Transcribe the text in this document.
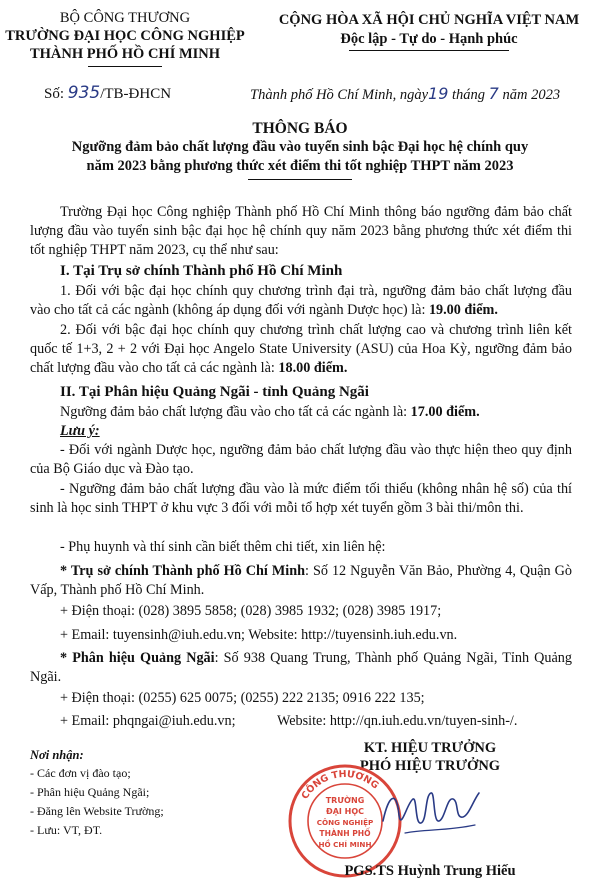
BỘ CÔNG THƯƠNG
TRƯỜNG ĐẠI HỌC CÔNG NGHIỆP
THÀNH PHỐ HỒ CHÍ MINH
CỘNG HÒA XÃ HỘI CHỦ NGHĨA VIỆT NAM
Độc lập - Tự do - Hạnh phúc
Số: 935/TB-ĐHCN	Thành phố Hồ Chí Minh, ngày19 tháng 7 năm 2023
THÔNG BÁO
Ngưỡng đảm bảo chất lượng đầu vào tuyển sinh bậc Đại học hệ chính quy
năm 2023 bằng phương thức xét điểm thi tốt nghiệp THPT năm 2023
Trường Đại học Công nghiệp Thành phố Hồ Chí Minh thông báo ngưỡng đảm bảo chất lượng đầu vào tuyển sinh bậc đại học hệ chính quy năm 2023 bằng phương thức xét điểm thi tốt nghiệp THPT năm 2023, cụ thể như sau:
I. Tại Trụ sở chính Thành phố Hồ Chí Minh
1. Đối với bậc đại học chính quy chương trình đại trà, ngưỡng đảm bảo chất lượng đầu vào cho tất cả các ngành (không áp dụng đối với ngành Dược học) là: 19.00 điểm.
2. Đối với bậc đại học chính quy chương trình chất lượng cao và chương trình liên kết quốc tế 1+3, 2 + 2 với Đại học Angelo State University (ASU) của Hoa Kỳ, ngưỡng đảm bảo chất lượng đầu vào cho tất cả các ngành là: 18.00 điểm.
II. Tại Phân hiệu Quảng Ngãi - tỉnh Quảng Ngãi
Ngưỡng đảm bảo chất lượng đầu vào cho tất cả các ngành là: 17.00 điểm.
Lưu ý:
- Đối với ngành Dược học, ngưỡng đảm bảo chất lượng đầu vào thực hiện theo quy định của Bộ Giáo dục và Đào tạo.
- Ngưỡng đảm bảo chất lượng đầu vào là mức điểm tối thiểu (không nhân hệ số) của thí sinh là học sinh THPT ở khu vực 3 đối với mỗi tổ hợp xét tuyển gồm 3 bài thi/môn thi.
- Phụ huynh và thí sinh cần biết thêm chi tiết, xin liên hệ:
* Trụ sở chính Thành phố Hồ Chí Minh: Số 12 Nguyễn Văn Bảo, Phường 4, Quận Gò Vấp, Thành phố Hồ Chí Minh.
+ Điện thoại: (028) 3895 5858; (028) 3985 1932; (028) 3985 1917;
+ Email: tuyensinh@iuh.edu.vn; Website: http://tuyensinh.iuh.edu.vn.
* Phân hiệu Quảng Ngãi: Số 938 Quang Trung, Thành phố Quảng Ngãi, Tỉnh Quảng Ngãi.
+ Điện thoại: (0255) 625 0075; (0255) 222 2135; 0916 222 135;
+ Email: phqngai@iuh.edu.vn;	Website: http://qn.iuh.edu.vn/tuyen-sinh-/.
Nơi nhận:
- Các đơn vị đào tạo;
- Phân hiệu Quảng Ngãi;
- Đăng lên Website Trường;
- Lưu: VT, ĐT.
KT. HIỆU TRƯỞNG
PHÓ HIỆU TRƯỞNG
CÔNG THƯƠNG
TRƯỜNG
ĐẠI HỌC
CÔNG NGHIỆP
THÀNH PHỐ
HỒ CHÍ MINH
PGS.TS Huỳnh Trung Hiếu
